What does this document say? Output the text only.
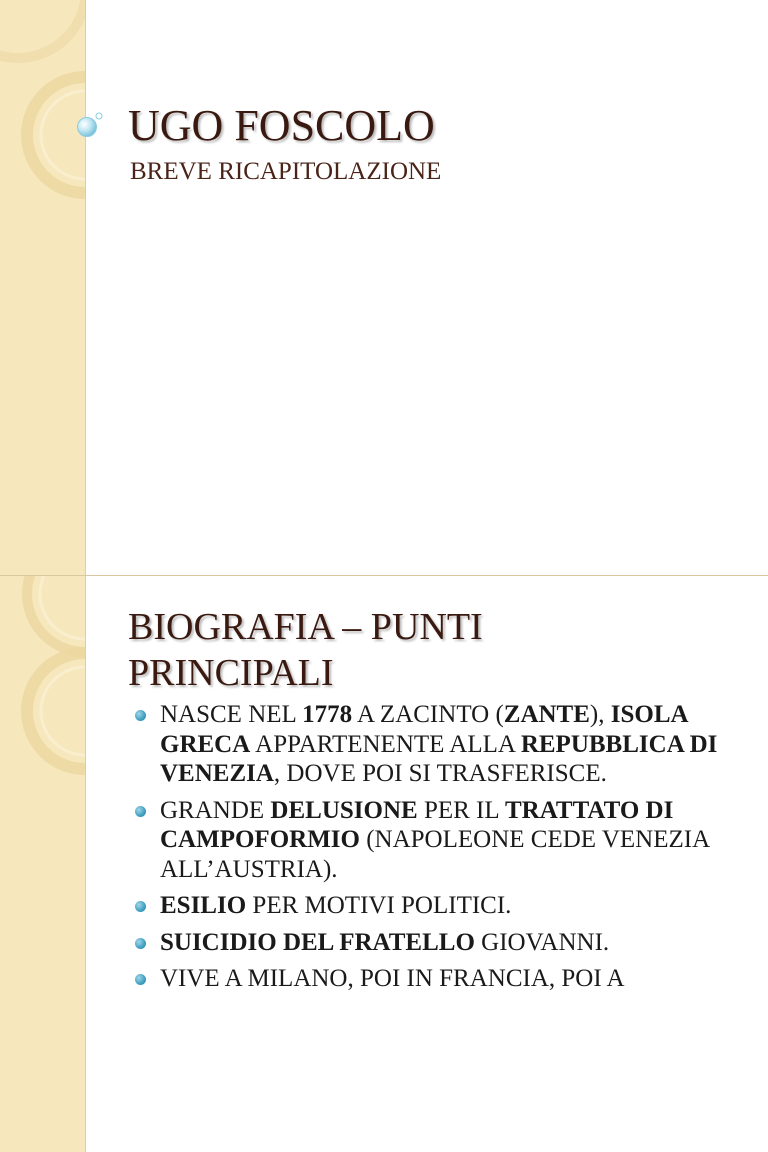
UGO FOSCOLO
BREVE RICAPITOLAZIONE
BIOGRAFIA – PUNTI
PRINCIPALI
NASCE NEL 1778 A ZACINTO (ZANTE), ISOLA GRECA APPARTENENTE ALLA REPUBBLICA DI VENEZIA, DOVE POI SI TRASFERISCE.
GRANDE DELUSIONE PER IL TRATTATO DI CAMPOFORMIO (NAPOLEONE CEDE VENEZIA ALL’AUSTRIA).
ESILIO PER MOTIVI POLITICI.
SUICIDIO DEL FRATELLO GIOVANNI.
VIVE A MILANO, POI IN FRANCIA, POI A
